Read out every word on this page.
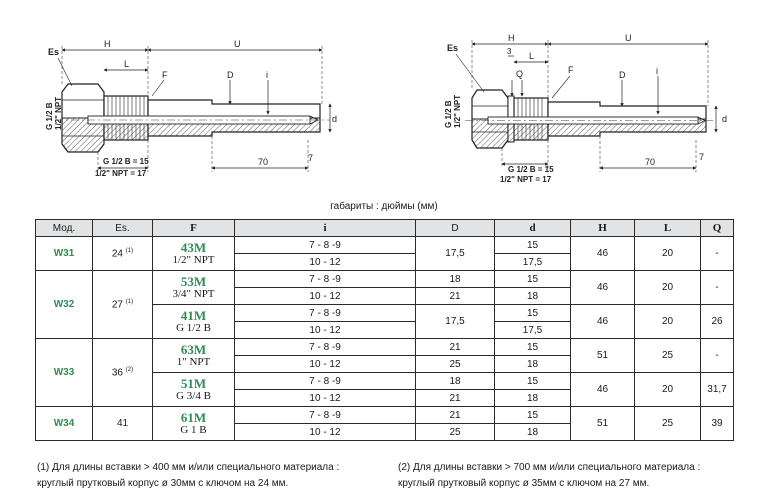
H	U
L
Es
F	D	i
d
G 1/2 B 1/2" NPT
70	7
G 1/2 B = 15
1/2" NPT = 17
H	U
L
3
Q
Es
F	D	i
d
G 1/2 B 1/2" NPT
70	7
G 1/2 B = 15
1/2" NPT = 17
габариты : дюймы (мм)
Мод.	Es.	F	i	D	d	H	L	Q
W31	24 $^{(1)}$	43M
1/2" NPT	7 - 8 -9	17,5	15	46	20	-
			10 - 12		17,5			
W32	27 $^{(1)}$	53M
3/4" NPT	7 - 8 -9	18	15	46	20	-
			10 - 12	21	18			

		41M
G 1/2 B	7 - 8 -9	17,5	15	46	20	26
			10 - 12		17,5			
W33	36 $^{(2)}$	63M
1" NPT	7 - 8 -9	21	15	51	25	-
			10 - 12	25	18			

		51M
G 3/4 B	7 - 8 -9	18	15	46	20	31,7
			10 - 12	21	18			
W34	41	61M
G 1 B	7 - 8 -9	21	15	51	25	39
			10 - 12	25	18			
(1) Для длины вставки > 400 мм и/или специального материала :
круглый прутковый корпус ø 30мм с ключом на 24 мм.
(2) Для длины вставки > 700 мм и/или специального материала :
круглый прутковый корпус ø 35мм с ключом на 27 мм.
